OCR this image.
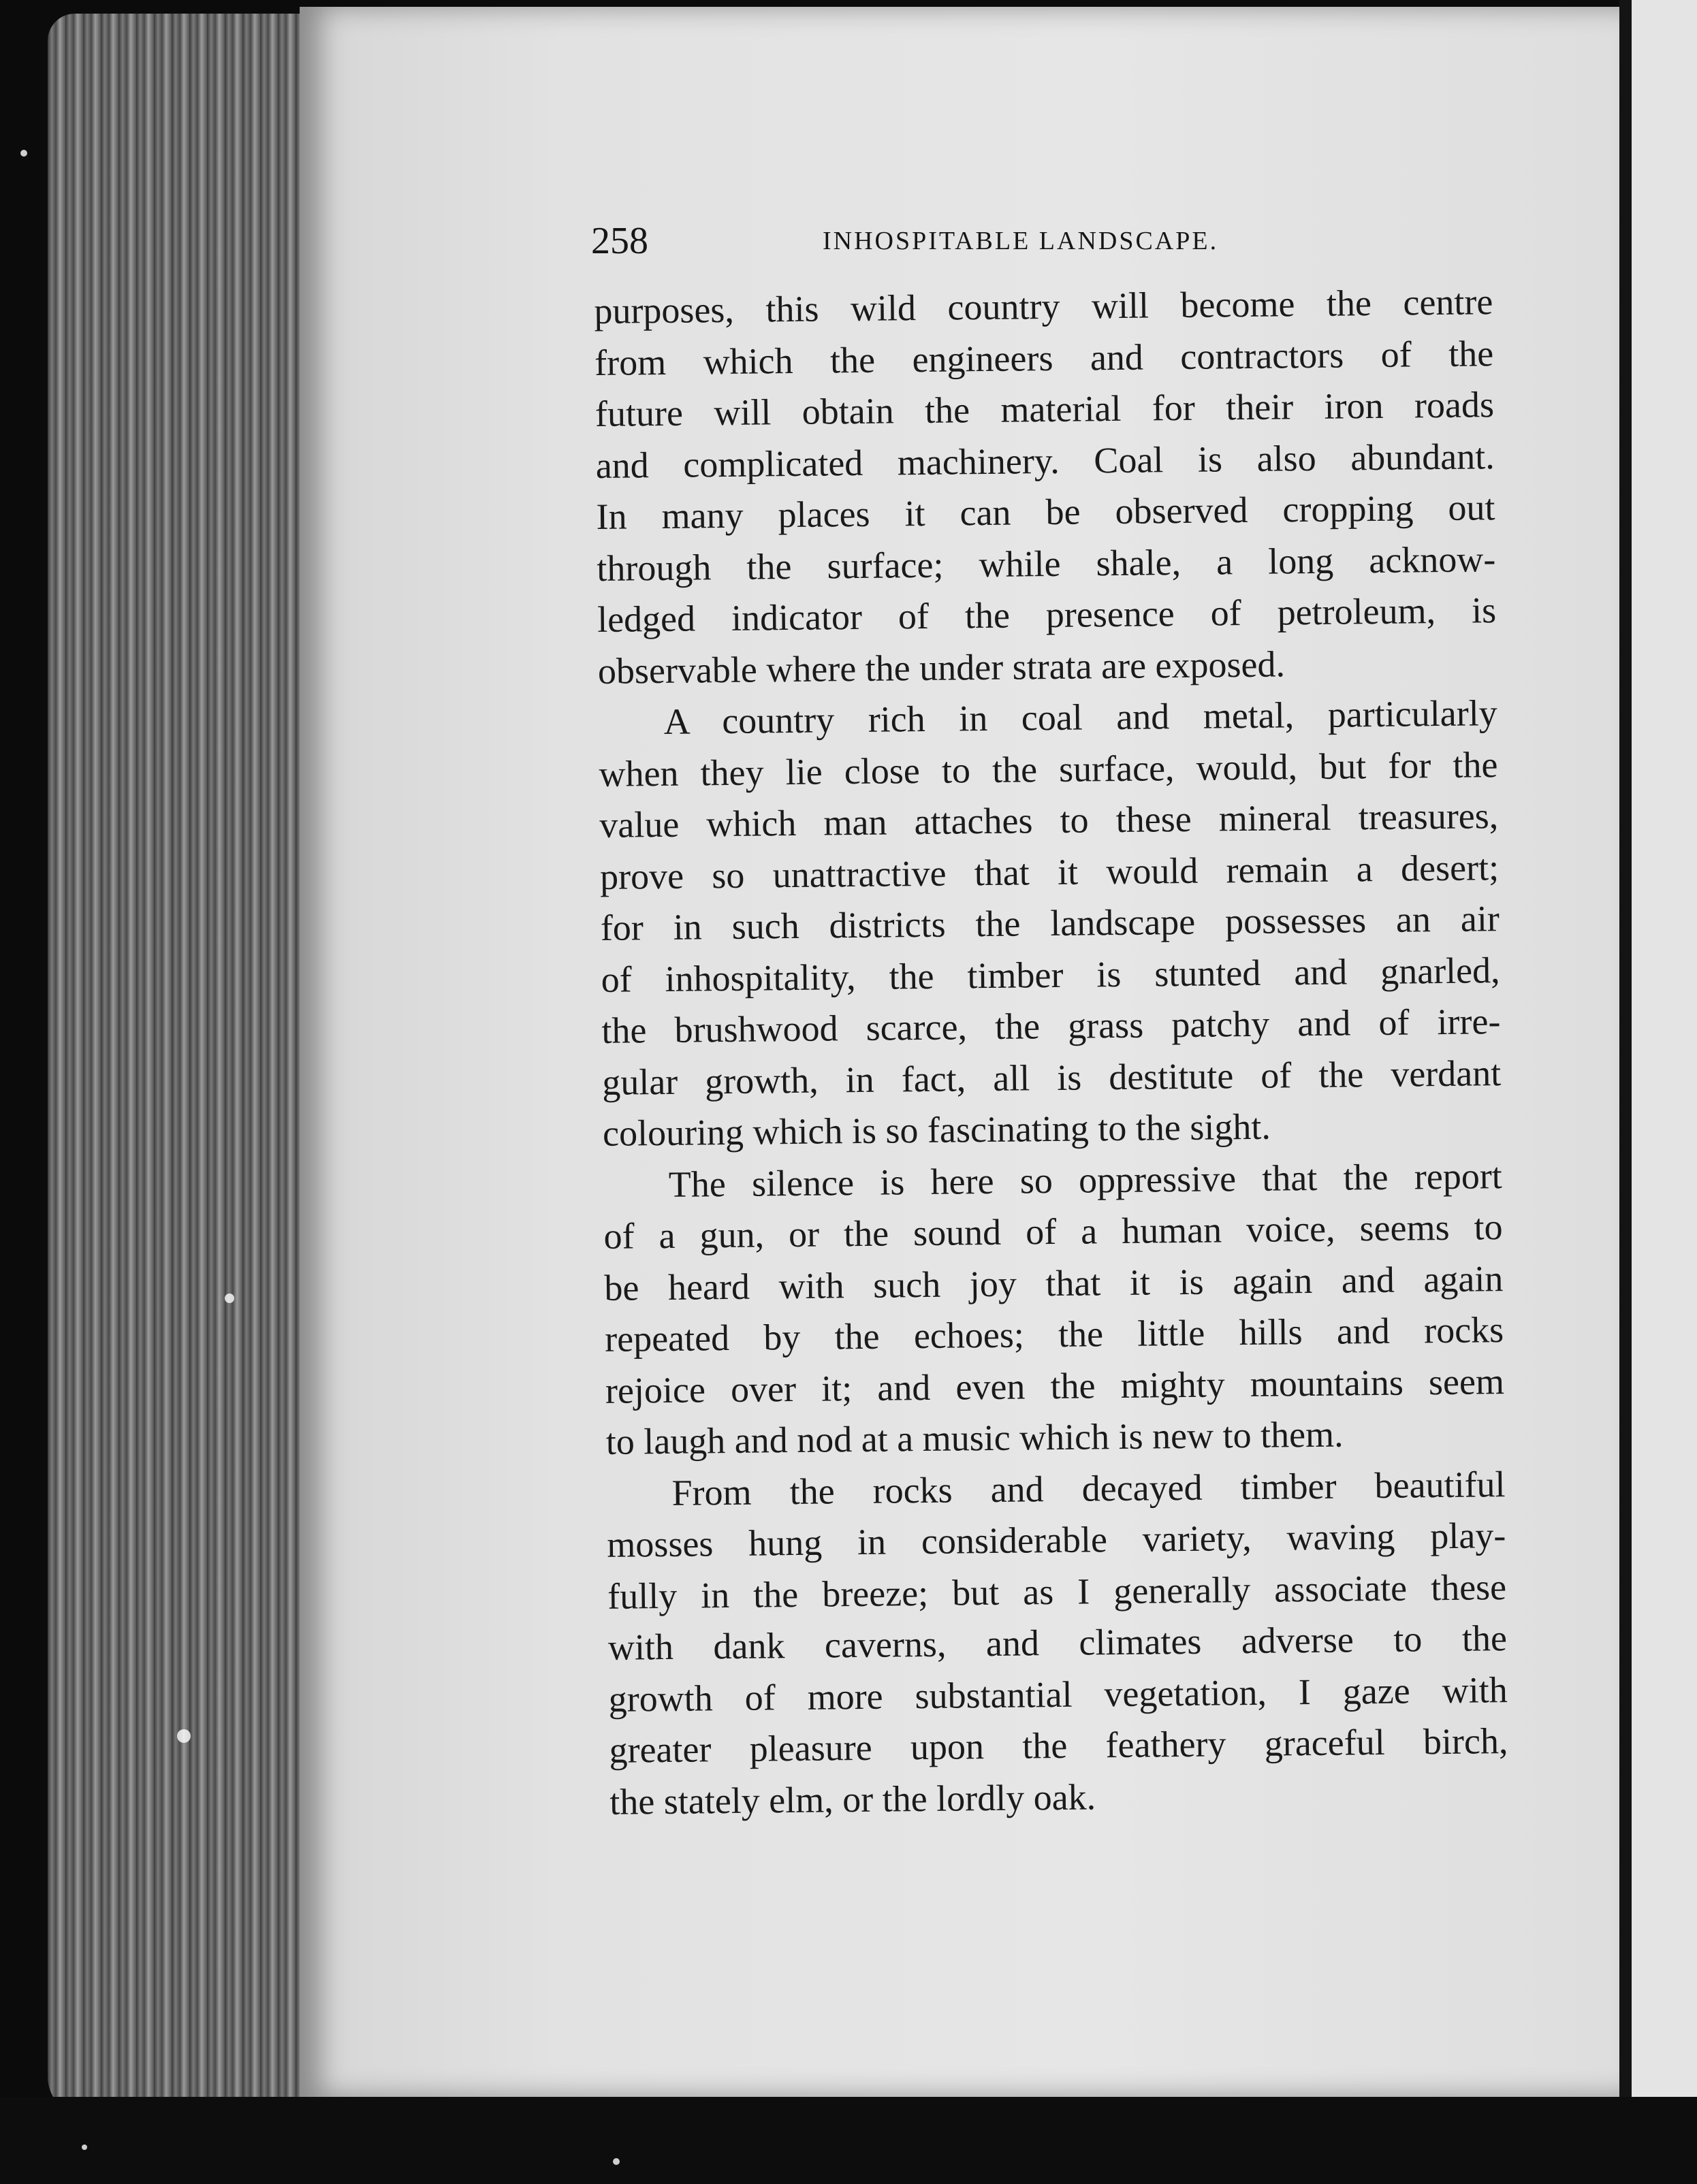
258	INHOSPITABLE LANDSCAPE.
purposes, this wild country will become the centre
from which the engineers and contractors of the
future will obtain the material for their iron roads
and complicated machinery. Coal is also abundant.
In many places it can be observed cropping out
through the surface; while shale, a long acknow-
ledged indicator of the presence of petroleum, is
observable where the under strata are exposed.
A country rich in coal and metal, particularly
when they lie close to the surface, would, but for the
value which man attaches to these mineral treasures,
prove so unattractive that it would remain a desert;
for in such districts the landscape possesses an air
of inhospitality, the timber is stunted and gnarled,
the brushwood scarce, the grass patchy and of irre-
gular growth, in fact, all is destitute of the verdant
colouring which is so fascinating to the sight.
The silence is here so oppressive that the report
of a gun, or the sound of a human voice, seems to
be heard with such joy that it is again and again
repeated by the echoes; the little hills and rocks
rejoice over it; and even the mighty mountains seem
to laugh and nod at a music which is new to them.
From the rocks and decayed timber beautiful
mosses hung in considerable variety, waving play-
fully in the breeze; but as I generally associate these
with dank caverns, and climates adverse to the
growth of more substantial vegetation, I gaze with
greater pleasure upon the feathery graceful birch,
the stately elm, or the lordly oak.
